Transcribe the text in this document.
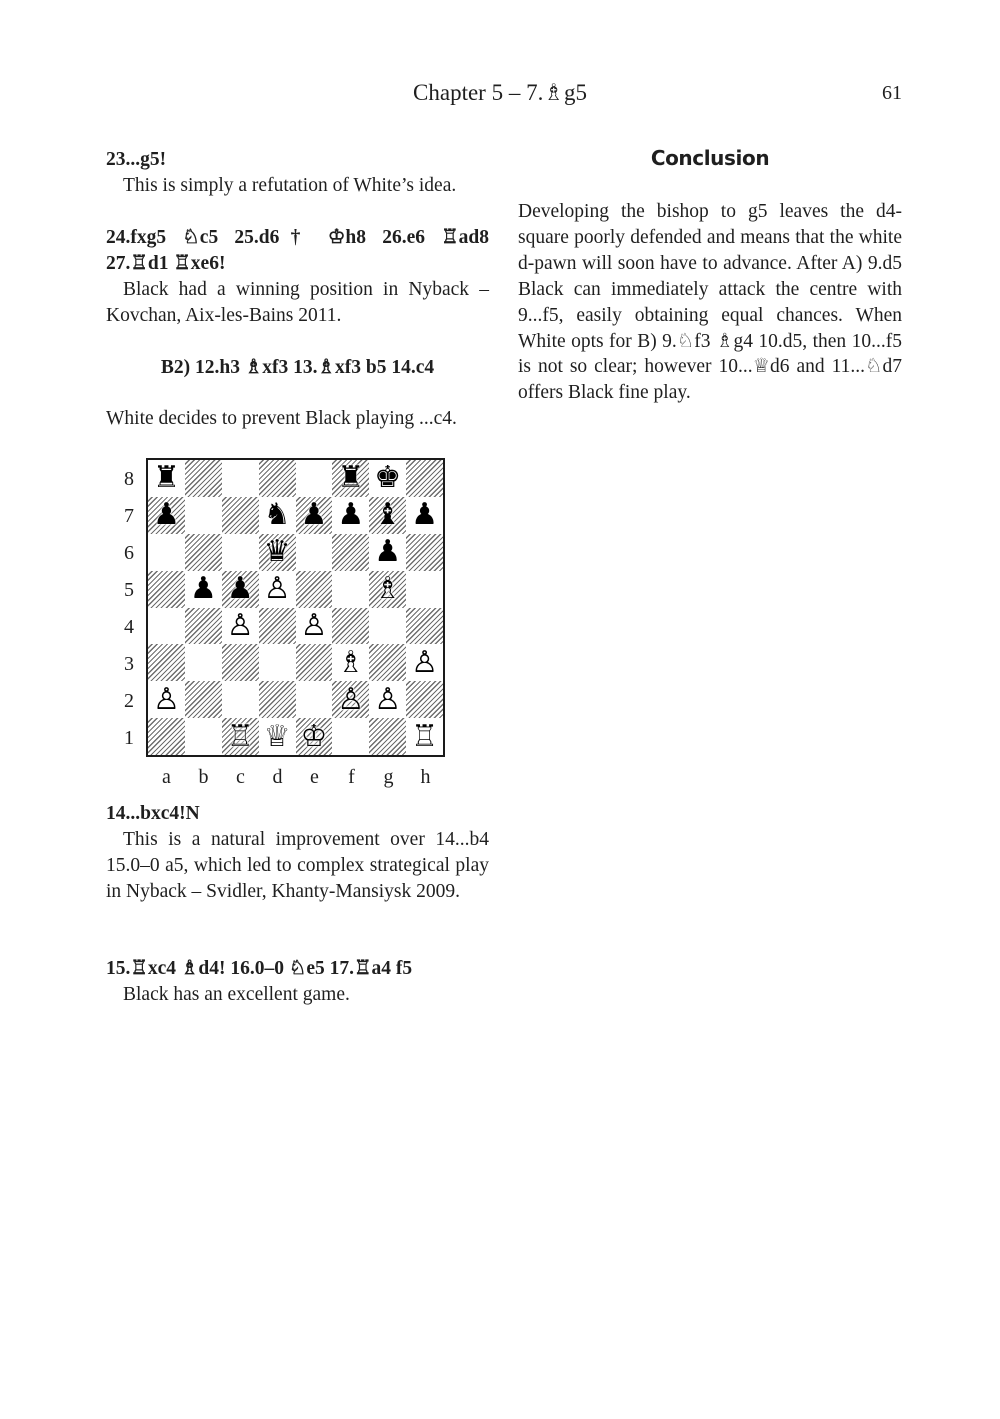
Chapter 5 – 7.♗g5	61
23...g5!
This is simply a refutation of White’s idea.
24.fxg5 ♘c5 25.d6† ♔h8 26.e6 ♖ad8
27.♖d1 ♖xe6!
Black had a winning position in Nyback – Kovchan, Aix-les-Bains 2011.
B2) 12.h3 ♗xf3 13.♗xf3 b5 14.c4
White decides to prevent Black playing ...c4.
♜	♜ ♚
♟	♞ ♟ ♟ ♝ ♟
♛	♟
♟ ♟ ♙	♗
♙ ♙
♗ ♙
♙	♙ ♙
♖ ♕ ♔	♖
8
7
6
5
4
3
2
1
a	b	c	d	e	f	g	h
14...bxc4!N
This is a natural improvement over 14...b4 15.0–0 a5, which led to complex strategical play in Nyback – Svidler, Khanty-Mansiysk 2009.
15.♖xc4 ♗d4! 16.0–0 ♘e5 17.♖a4 f5
Black has an excellent game.
Conclusion
Developing the bishop to g5 leaves the d4-square poorly defended and means that the white d-pawn will soon have to advance. After A) 9.d5 Black can immediately attack the centre with 9...f5, easily obtaining equal chances. When White opts for B) 9.♘f3 ♗g4 10.d5, then 10...f5 is not so clear; however 10...♕d6 and 11...♘d7 offers Black fine play.
